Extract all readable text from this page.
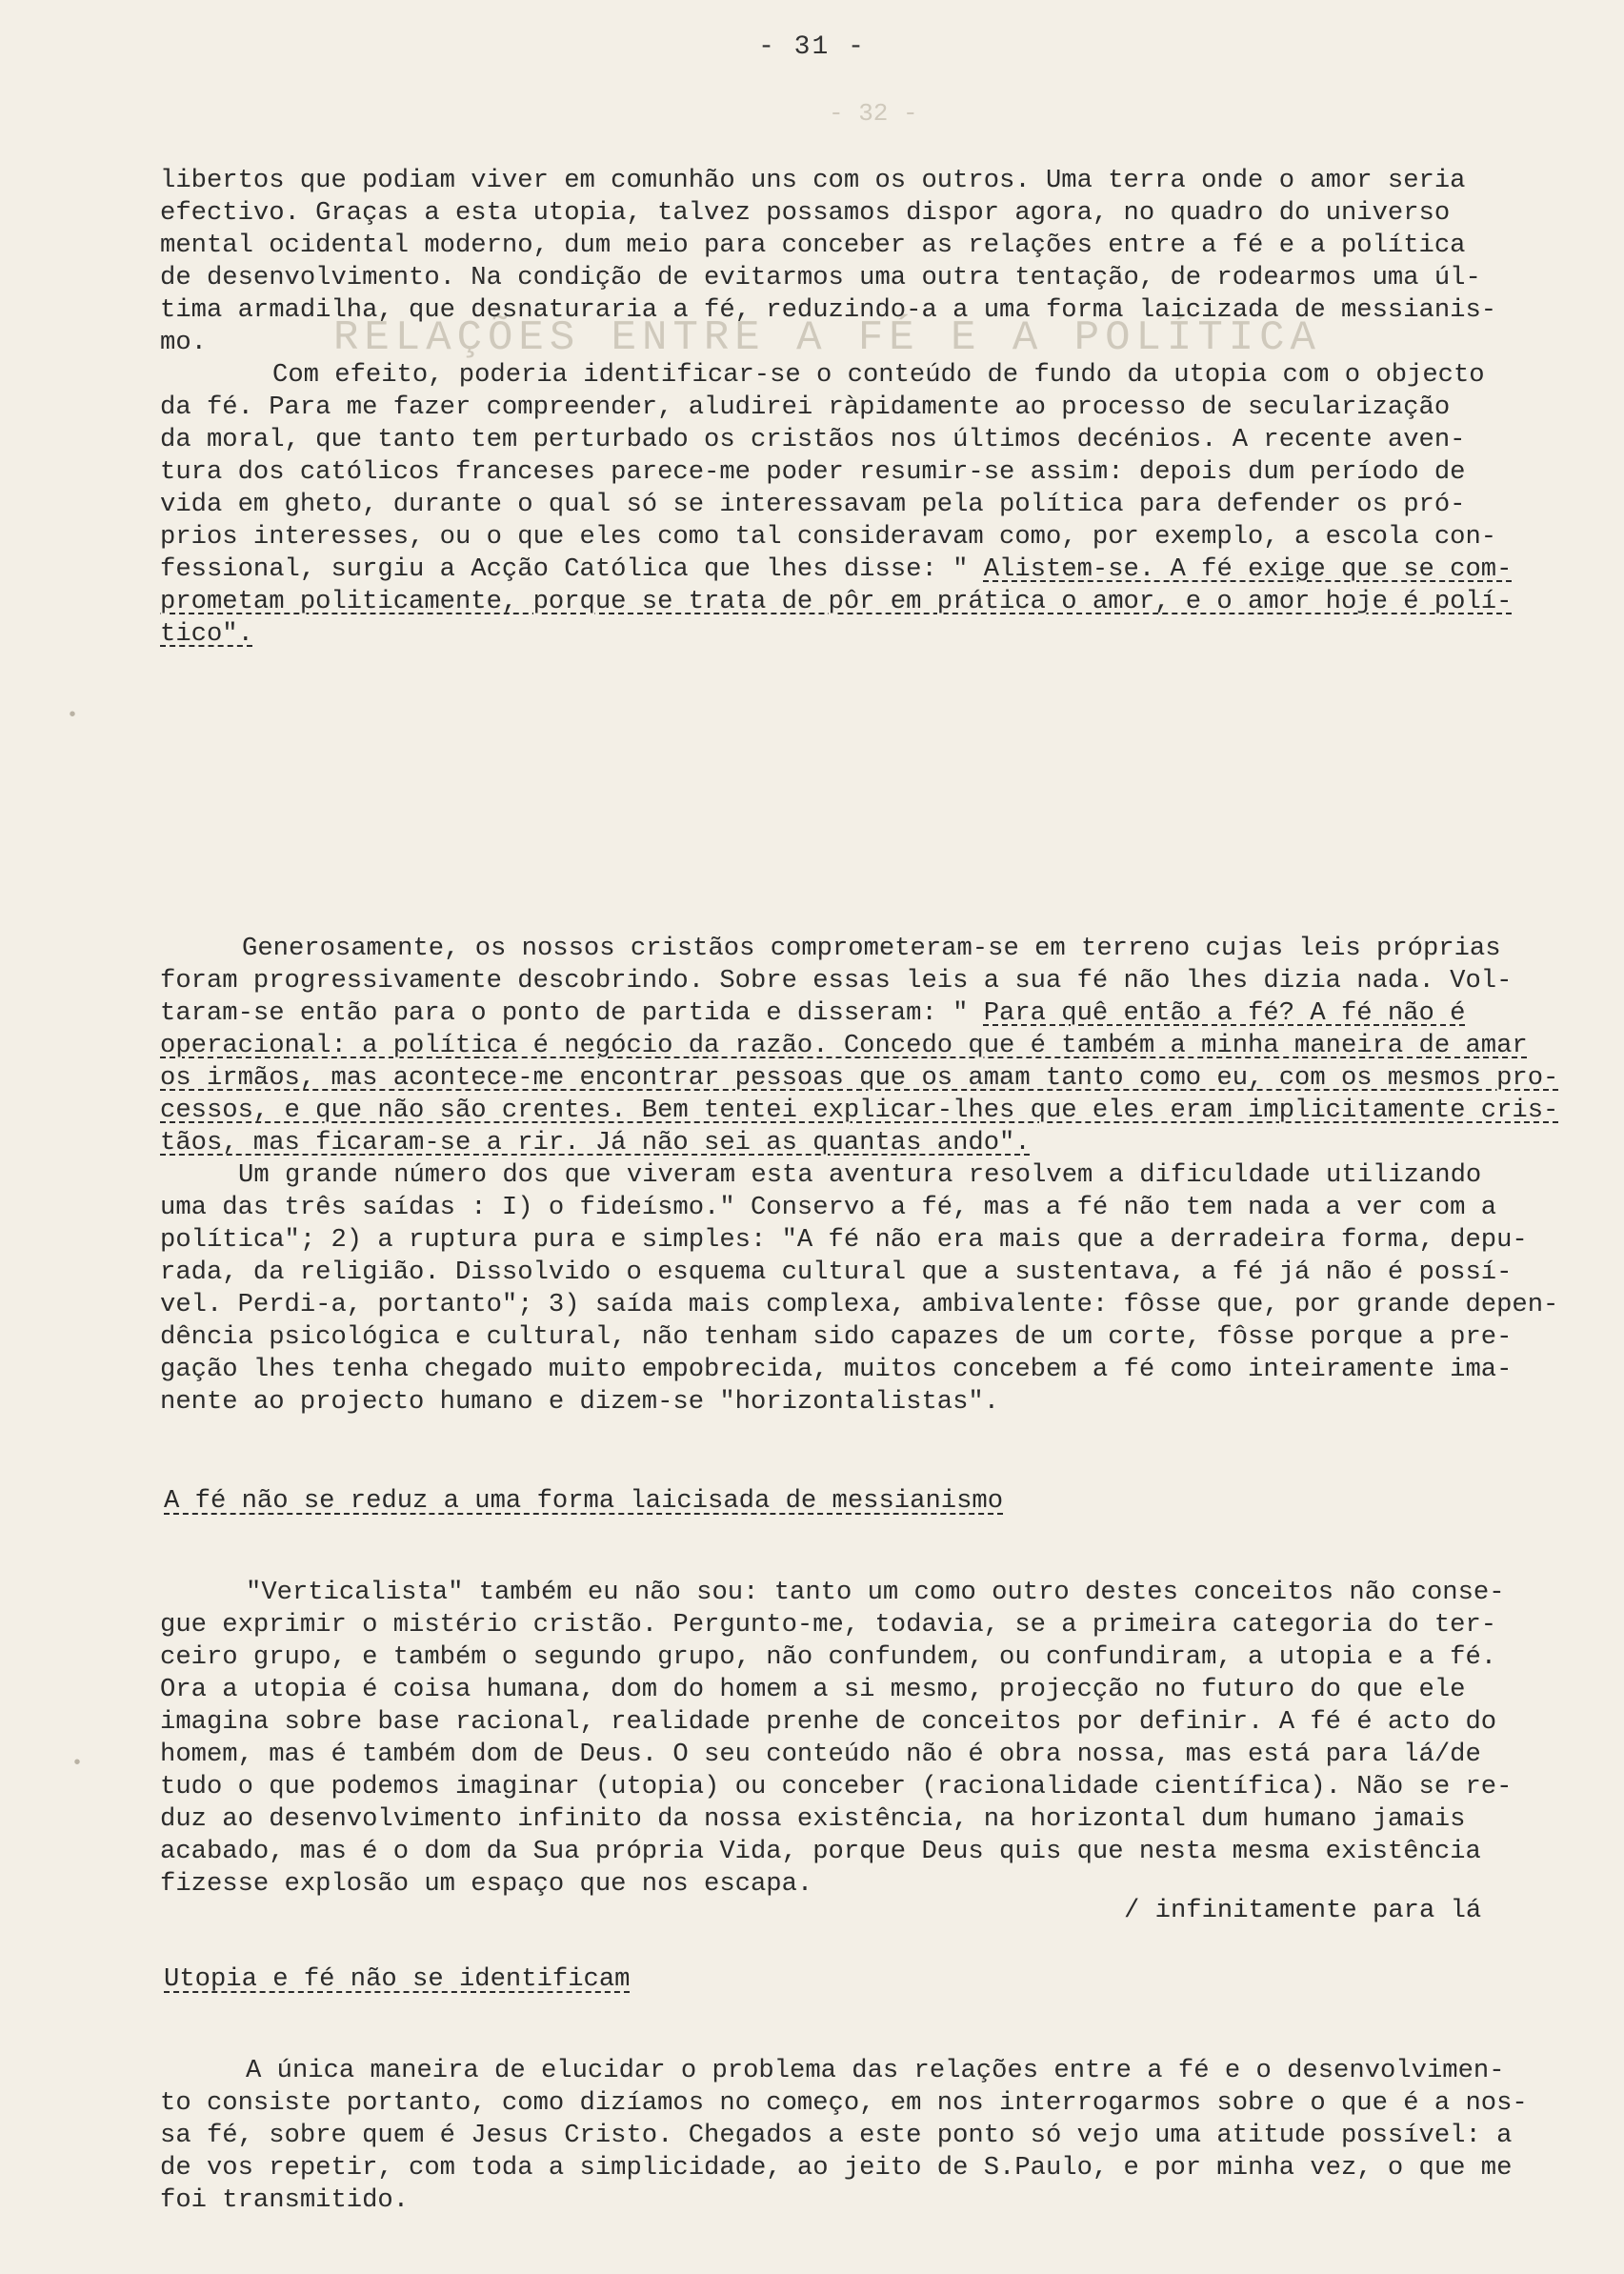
- 32 -
RELAÇÕES ENTRE A FÉ E A POLÍTICA
- 31 -
libertos que podiam viver em comunhão uns com os outros. Uma terra onde o amor seria
efectivo. Graças a esta utopia, talvez possamos dispor agora, no quadro do universo
mental ocidental moderno, dum meio para conceber as relações entre a fé e a política
de desenvolvimento. Na condição de evitarmos uma outra tentação, de rodearmos uma úl-
tima armadilha, que desnaturaria a fé, reduzindo-a a uma forma laicizada de messianis-
mo.
Com efeito, poderia identificar-se o conteúdo de fundo da utopia com o objecto
da fé. Para me fazer compreender, aludirei ràpidamente ao processo de secularização
da moral, que tanto tem perturbado os cristãos nos últimos decénios. A recente aven-
tura dos católicos franceses parece-me poder resumir-se assim: depois dum período de
vida em gheto, durante o qual só se interessavam pela política para defender os pró-
prios interesses, ou o que eles como tal consideravam como, por exemplo, a escola con-
fessional, surgiu a Acção Católica que lhes disse: " Alistem-se. A fé exige que se com-
prometam politicamente, porque se trata de pôr em prática o amor, e o amor hoje é polí-
tico".
Generosamente, os nossos cristãos comprometeram-se em terreno cujas leis próprias
foram progressivamente descobrindo. Sobre essas leis a sua fé não lhes dizia nada. Vol-
taram-se então para o ponto de partida e disseram: " Para quê então a fé? A fé não é
operacional: a política é negócio da razão. Concedo que é também a minha maneira de amar
os irmãos, mas acontece-me encontrar pessoas que os amam tanto como eu, com os mesmos pro-
cessos, e que não são crentes. Bem tentei explicar-lhes que eles eram implicitamente cris-
tãos, mas ficaram-se a rir. Já não sei as quantas ando".
Um grande número dos que viveram esta aventura resolvem a dificuldade utilizando
uma das três saídas : I) o fideísmo." Conservo a fé, mas a fé não tem nada a ver com a
política"; 2) a ruptura pura e simples: "A fé não era mais que a derradeira forma, depu-
rada, da religião. Dissolvido o esquema cultural que a sustentava, a fé já não é possí-
vel. Perdi-a, portanto"; 3) saída mais complexa, ambivalente: fôsse que, por grande depen-
dência psicológica e cultural, não tenham sido capazes de um corte, fôsse porque a pre-
gação lhes tenha chegado muito empobrecida, muitos concebem a fé como inteiramente ima-
nente ao projecto humano e dizem-se "horizontalistas".
A fé não se reduz a uma forma laicisada de messianismo
"Verticalista" também eu não sou: tanto um como outro destes conceitos não conse-
gue exprimir o mistério cristão. Pergunto-me, todavia, se a primeira categoria do ter-
ceiro grupo, e também o segundo grupo, não confundem, ou confundiram, a utopia e a fé.
Ora a utopia é coisa humana, dom do homem a si mesmo, projecção no futuro do que ele
imagina sobre base racional, realidade prenhe de conceitos por definir. A fé é acto do
homem, mas é também dom de Deus. O seu conteúdo não é obra nossa, mas está para lá/de
tudo o que podemos imaginar (utopia) ou conceber (racionalidade científica). Não se re-
duz ao desenvolvimento infinito da nossa existência, na horizontal dum humano jamais
acabado, mas é o dom da Sua própria Vida, porque Deus quis que nesta mesma existência
fizesse explosão um espaço que nos escapa.
/ infinitamente para lá
Utopia e fé não se identificam
A única maneira de elucidar o problema das relações entre a fé e o desenvolvimen-
to consiste portanto, como dizíamos no começo, em nos interrogarmos sobre o que é a nos-
sa fé, sobre quem é Jesus Cristo. Chegados a este ponto só vejo uma atitude possível: a
de vos repetir, com toda a simplicidade, ao jeito de S.Paulo, e por minha vez, o que me
foi transmitido.
•
•
